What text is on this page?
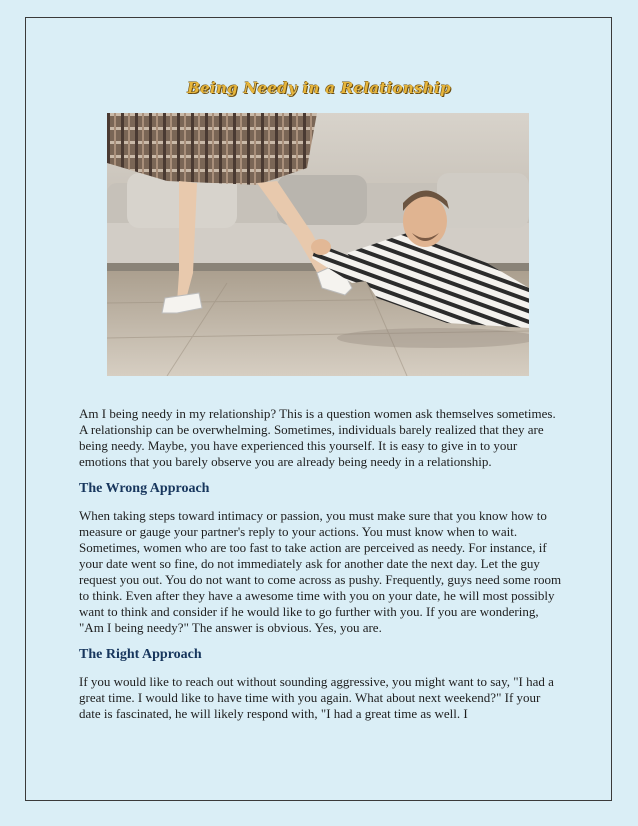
Being Needy in a Relationship

Am I being needy in my relationship? This is a question women ask themselves sometimes. A relationship can be overwhelming. Sometimes, individuals barely realized that they are being needy. Maybe, you have experienced this yourself. It is easy to give in to your emotions that you barely observe you are already being needy in a relationship.

The Wrong Approach

When taking steps toward intimacy or passion, you must make sure that you know how to measure or gauge your partner's reply to your actions. You must know when to wait. Sometimes, women who are too fast to take action are perceived as needy. For instance, if your date went so fine, do not immediately ask for another date the next day. Let the guy request you out. You do not want to come across as pushy. Frequently, guys need some room to think. Even after they have a awesome time with you on your date, he will most possibly want to think and consider if he would like to go further with you. If you are wondering, "Am I being needy?" The answer is obvious. Yes, you are.

The Right Approach

If you would like to reach out without sounding aggressive, you might want to say, "I had a great time. I would like to have time with you again. What about next weekend?" If your date is fascinated, he will likely respond with, "I had a great time as well. I
